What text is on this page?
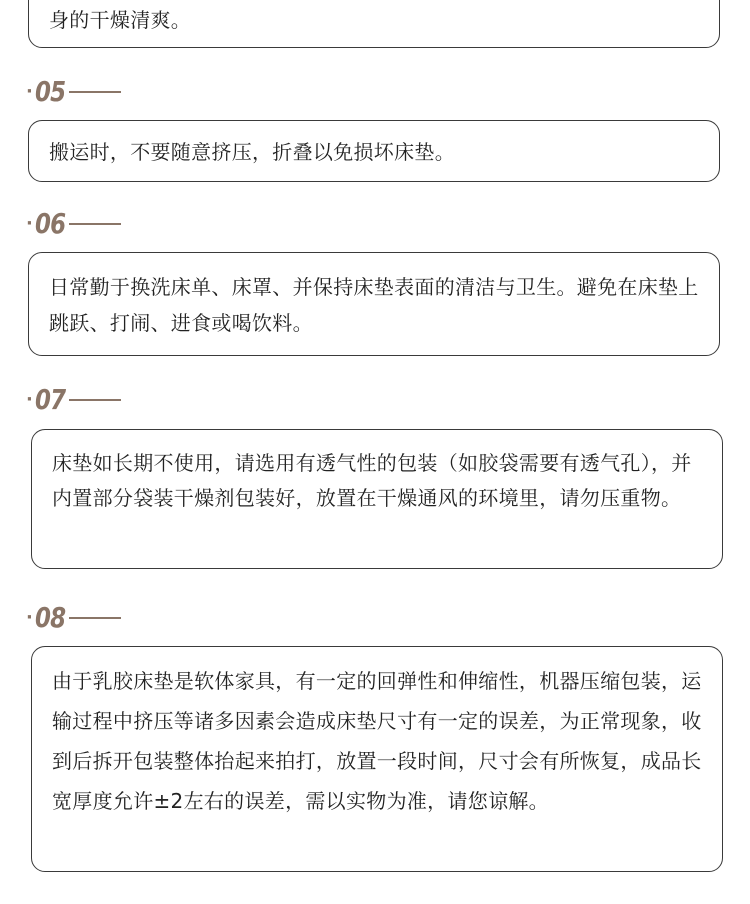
身的干燥清爽。
· 05
搬运时，不要随意挤压，折叠以免损坏床垫。
· 06
日常勤于换洗床单、床罩、并保持床垫表面的清洁与卫生。避免在床垫上跳跃、打闹、进食或喝饮料。
· 07
床垫如长期不使用，请选用有透气性的包装（如胶袋需要有透气孔），并内置部分袋装干燥剂包装好，放置在干燥通风的环境里，请勿压重物。
· 08
由于乳胶床垫是软体家具，有一定的回弹性和伸缩性，机器压缩包装，运输过程中挤压等诸多因素会造成床垫尺寸有一定的误差，为正常现象，收到后拆开包装整体抬起来拍打，放置一段时间，尺寸会有所恢复，成品长宽厚度允许±2左右的误差，需以实物为准，请您谅解。
